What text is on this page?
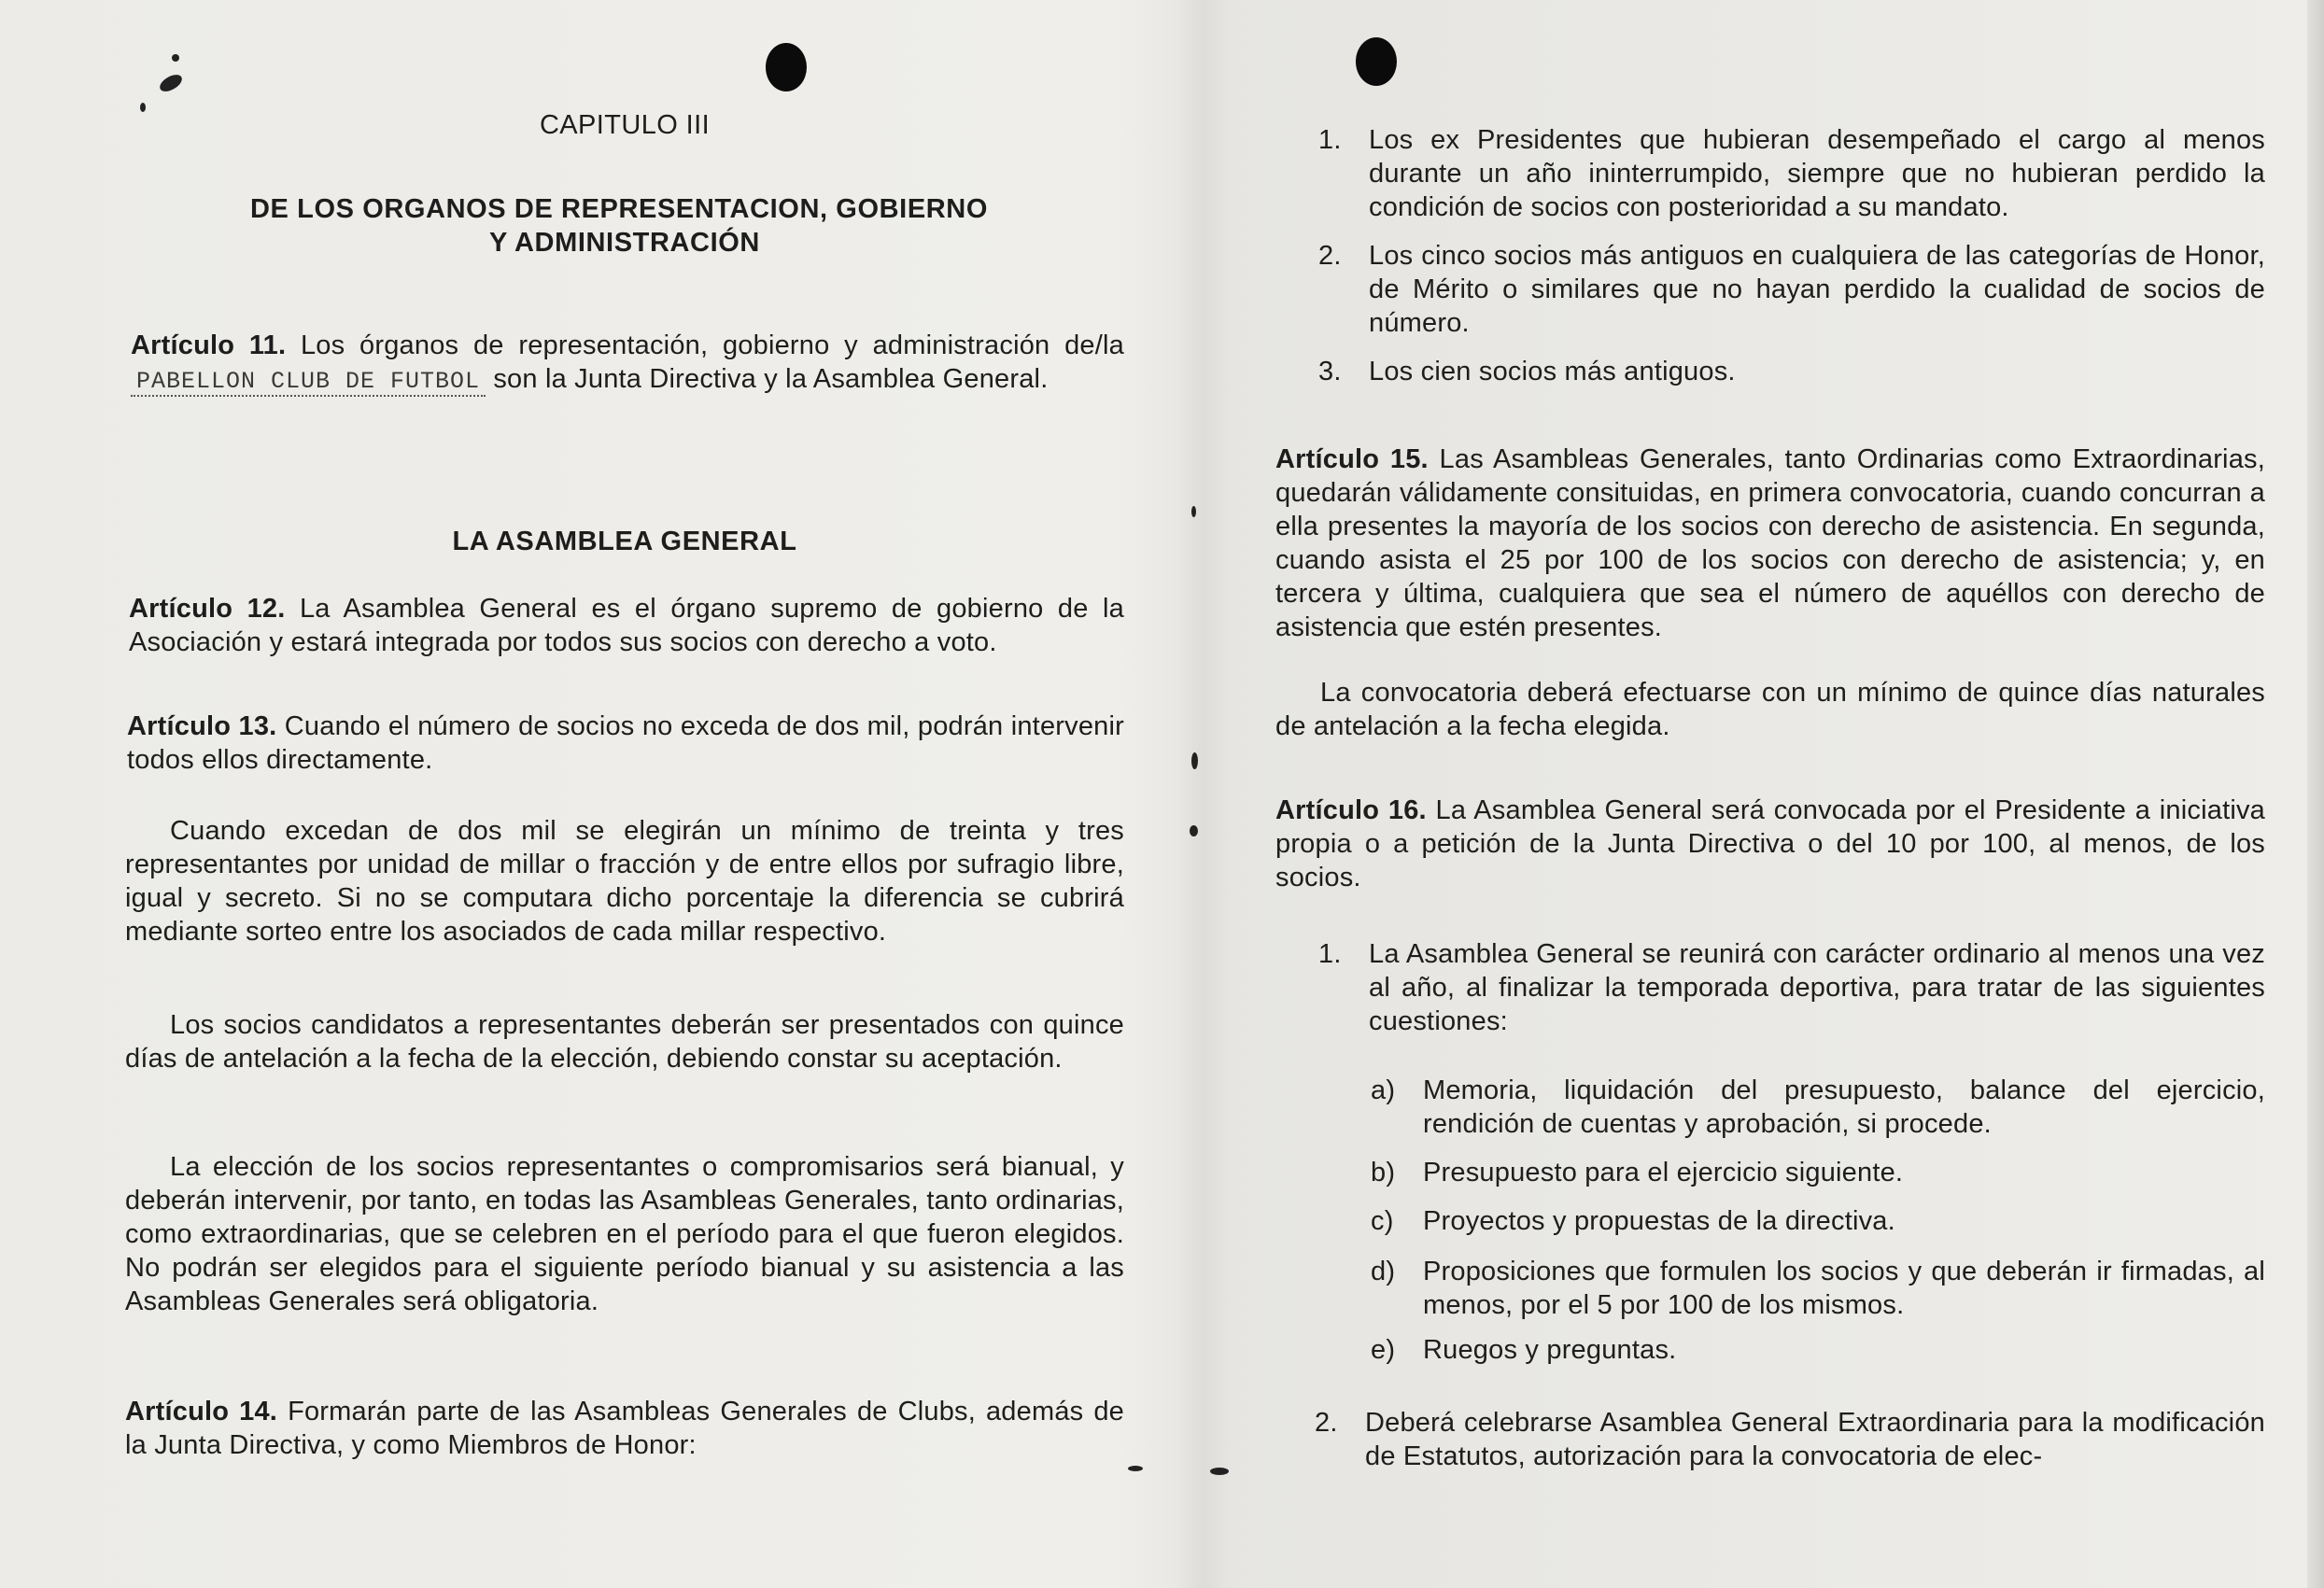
CAPITULO III
DE LOS ORGANOS DE REPRESENTACION, GOBIERNO
Y ADMINISTRACIÓN

Artículo 11. Los órganos de representación, gobierno y administración de/la PABELLON CLUB DE FUTBOL son la Junta Directiva y la Asamblea General.

LA ASAMBLEA GENERAL

Artículo 12. La Asamblea General es el órgano supremo de gobierno de la Asociación y estará integrada por todos sus socios con derecho a voto.

Artículo 13. Cuando el número de socios no exceda de dos mil, podrán intervenir todos ellos directamente.

Cuando excedan de dos mil se elegirán un mínimo de treinta y tres representantes por unidad de millar o fracción y de entre ellos por sufragio libre, igual y secreto. Si no se computara dicho porcentaje la diferencia se cubrirá mediante sorteo entre los asociados de cada millar respectivo.

Los socios candidatos a representantes deberán ser presentados con quince días de antelación a la fecha de la elección, debiendo constar su aceptación.

La elección de los socios representantes o compromisarios será bianual, y deberán intervenir, por tanto, en todas las Asambleas Generales, tanto ordinarias, como extraordinarias, que se celebren en el período para el que fueron elegidos. No podrán ser elegidos para el siguiente período bianual y su asistencia a las Asambleas Generales será obligatoria.

Artículo 14. Formarán parte de las Asambleas Generales de Clubs, además de la Junta Directiva, y como Miembros de Honor:

1.	Los ex Presidentes que hubieran desempeñado el cargo al menos durante un año ininterrumpido, siempre que no hubieran perdido la condición de socios con posterioridad a su mandato.
2.	Los cinco socios más antiguos en cualquiera de las categorías de Honor, de Mérito o similares que no hayan perdido la cualidad de socios de número.
3.	Los cien socios más antiguos.

Artículo 15. Las Asambleas Generales, tanto Ordinarias como Extraordinarias, quedarán válidamente consituidas, en primera convocatoria, cuando concurran a ella presentes la mayoría de los socios con derecho de asistencia. En segunda, cuando asista el 25 por 100 de los socios con derecho de asistencia; y, en tercera y última, cualquiera que sea el número de aquéllos con derecho de asistencia que estén presentes.

La convocatoria deberá efectuarse con un mínimo de quince días naturales de antelación a la fecha elegida.

Artículo 16. La Asamblea General será convocada por el Presidente a iniciativa propia o a petición de la Junta Directiva o del 10 por 100, al menos, de los socios.

1.	La Asamblea General se reunirá con carácter ordinario al menos una vez al año, al finalizar la temporada deportiva, para tratar de las siguientes cuestiones:
a)	Memoria, liquidación del presupuesto, balance del ejercicio, rendición de cuentas y aprobación, si procede.
b)	Presupuesto para el ejercicio siguiente.
c)	Proyectos y propuestas de la directiva.
d)	Proposiciones que formulen los socios y que deberán ir firmadas, al menos, por el 5 por 100 de los mismos.
e)	Ruegos y preguntas.
2.	Deberá celebrarse Asamblea General Extraordinaria para la modificación de Estatutos, autorización para la convocatoria de elec-
